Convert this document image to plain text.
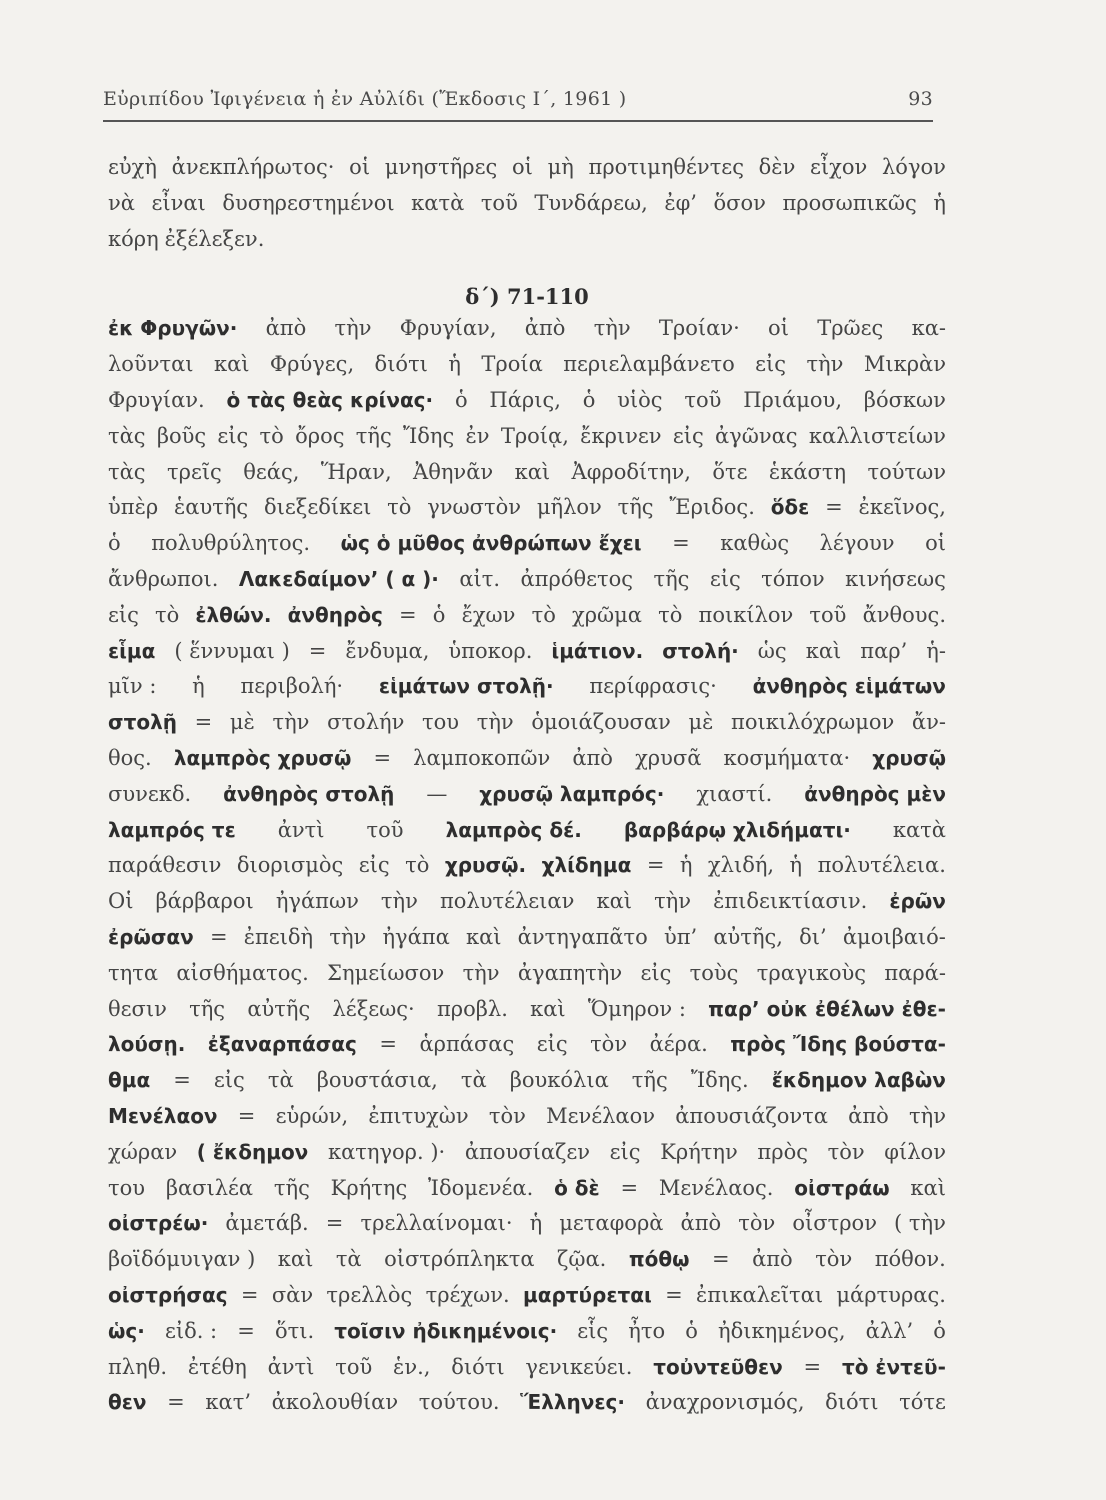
Εὐριπίδου Ἰφιγένεια ἡ ἐν Αὐλίδι (Ἔκδοσις Ι΄, 1961 )	93
εὐχὴ ἀνεκπλήρωτος· οἱ μνηστῆρες οἱ μὴ προτιμηθέντες δὲν εἶχον λόγον
νὰ εἶναι δυσηρεστημένοι κατὰ τοῦ Τυνδάρεω, ἐφ’ ὅσον προσωπικῶς ἡ
κόρη ἐξέλεξεν.
δ΄) 71-110
ἐκ Φρυγῶν· ἀπὸ τὴν Φρυγίαν, ἀπὸ τὴν Τροίαν· οἱ Τρῶες κα-
λοῦνται καὶ Φρύγες, διότι ἡ Τροία περιελαμβάνετο εἰς τὴν Μικρὰν
Φρυγίαν. ὁ τὰς θεὰς κρίνας· ὁ Πάρις, ὁ υἱὸς τοῦ Πριάμου, βόσκων
τὰς βοῦς εἰς τὸ ὄρος τῆς Ἴδης ἐν Τροίᾳ, ἔκρινεν εἰς ἀγῶνας καλλιστείων
τὰς τρεῖς θεάς, Ἥραν, Ἀθηνᾶν καὶ Ἀφροδίτην, ὅτε ἑκάστη τούτων
ὑπὲρ ἑαυτῆς διεξεδίκει τὸ γνωστὸν μῆλον τῆς Ἔριδος. ὅδε = ἐκεῖνος,
ὁ πολυθρύλητος. ὡς ὁ μῦθος ἀνθρώπων ἔχει = καθὼς λέγουν οἱ
ἄνθρωποι. Λακεδαίμον’ ( α )· αἰτ. ἀπρόθετος τῆς εἰς τόπον κινήσεως
εἰς τὸ ἐλθών. ἀνθηρὸς = ὁ ἔχων τὸ χρῶμα τὸ ποικίλον τοῦ ἄνθους.
εἷμα ( ἕννυμαι ) = ἔνδυμα, ὑποκορ. ἱμάτιον. στολή· ὡς καὶ παρ’ ἡ-
μῖν : ἡ περιβολή· εἱμάτων στολῇ· περίφρασις· ἀνθηρὸς εἱμάτων
στολῇ = μὲ τὴν στολήν του τὴν ὁμοιάζουσαν μὲ ποικιλόχρωμον ἄν-
θος. λαμπρὸς χρυσῷ = λαμποκοπῶν ἀπὸ χρυσᾶ κοσμήματα· χρυσῷ
συνεκδ. ἀνθηρὸς στολῇ — χρυσῷ λαμπρός· χιαστί. ἀνθηρὸς μὲν
λαμπρός τε ἀντὶ τοῦ λαμπρὸς δέ. βαρβάρῳ χλιδήματι· κατὰ
παράθεσιν διορισμὸς εἰς τὸ χρυσῷ. χλίδημα = ἡ χλιδή, ἡ πολυτέλεια.
Οἱ βάρβαροι ἠγάπων τὴν πολυτέλειαν καὶ τὴν ἐπιδεικτίασιν. ἐρῶν
ἐρῶσαν = ἐπειδὴ τὴν ἠγάπα καὶ ἀντηγαπᾶτο ὑπ’ αὐτῆς, δι’ ἀμοιβαιό-
τητα αἰσθήματος. Σημείωσον τὴν ἀγαπητὴν εἰς τοὺς τραγικοὺς παρά-
θεσιν τῆς αὐτῆς λέξεως· προβλ. καὶ Ὅμηρον : παρ’ οὐκ ἐθέλων ἐθε-
λούσῃ. ἐξαναρπάσας = ἁρπάσας εἰς τὸν ἀέρα. πρὸς Ἴδης βούστα-
θμα = εἰς τὰ βουστάσια, τὰ βουκόλια τῆς Ἴδης. ἔκδημον λαβὼν
Μενέλαον = εὑρών, ἐπιτυχὼν τὸν Μενέλαον ἀπουσιάζοντα ἀπὸ τὴν
χώραν ( ἔκδημον κατηγορ. )· ἀπουσίαζεν εἰς Κρήτην πρὸς τὸν φίλον
του βασιλέα τῆς Κρήτης Ἰδομενέα. ὁ δὲ = Μενέλαος. οἰστράω καὶ
οἰστρέω· ἀμετάβ. = τρελλαίνομαι· ἡ μεταφορὰ ἀπὸ τὸν οἶστρον ( τὴν
βοϊδόμυιγαν ) καὶ τὰ οἰστρόπληκτα ζῷα. πόθῳ = ἀπὸ τὸν πόθον.
οἰστρήσας = σὰν τρελλὸς τρέχων. μαρτύρεται = ἐπικαλεῖται μάρτυρας.
ὡς· εἰδ. : = ὅτι. τοῖσιν ἠδικημένοις· εἷς ἦτο ὁ ἠδικημένος, ἀλλ’ ὁ
πληθ. ἐτέθη ἀντὶ τοῦ ἑν., διότι γενικεύει. τοὐντεῦθεν = τὸ ἐντεῦ-
θεν = κατ’ ἀκολουθίαν τούτου. Ἕλληνες· ἀναχρονισμός, διότι τότε
